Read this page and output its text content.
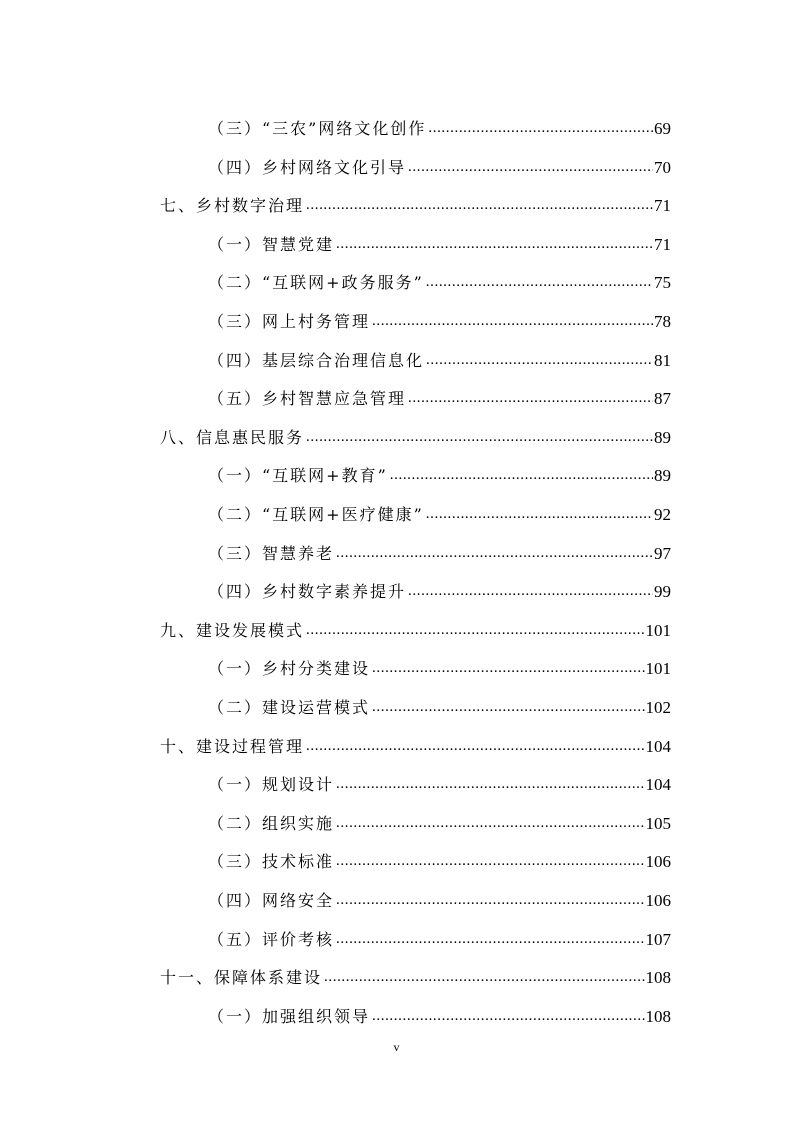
（三）“三农”网络文化创作 .....	69
（四）乡村网络文化引导 .....	70
七、乡村数字治理 .....	71
（一）智慧党建 .....	71
（二）“互联网+政务服务” .....	75
（三）网上村务管理 .....	78
（四）基层综合治理信息化 .....	81
（五）乡村智慧应急管理 .....	87
八、信息惠民服务 .....	89
（一）“互联网+教育” .....	89
（二）“互联网+医疗健康” .....	92
（三）智慧养老 .....	97
（四）乡村数字素养提升 .....	99
九、建设发展模式 .....	101
（一）乡村分类建设 .....	101
（二）建设运营模式 .....	102
十、建设过程管理 .....	104
（一）规划设计 .....	104
（二）组织实施 .....	105
（三）技术标准 .....	106
（四）网络安全 .....	106
（五）评价考核 .....	107
十一、保障体系建设 .....	108
（一）加强组织领导 .....	108
v
